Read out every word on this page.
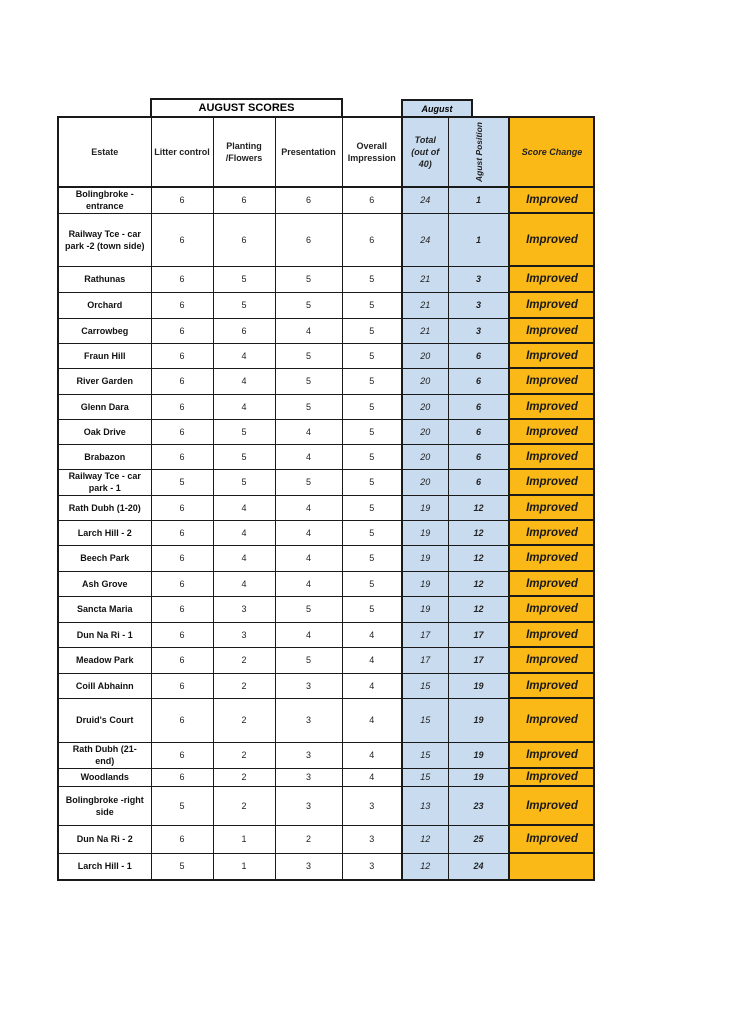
AUGUST SCORES	August
Estate	Litter control	Planting /Flowers	Presentation	Overall Impression	Total (out of 40)	Agust Position	Score Change
Bolingbroke -entrance	6	6	6	6	24	1	Improved
Railway Tce - car park -2 (town side)	6	6	6	6	24	1	Improved
Rathunas	6	5	5	5	21	3	Improved
Orchard	6	5	5	5	21	3	Improved
Carrowbeg	6	6	4	5	21	3	Improved
Fraun Hill	6	4	5	5	20	6	Improved
River Garden	6	4	5	5	20	6	Improved
Glenn Dara	6	4	5	5	20	6	Improved
Oak Drive	6	5	4	5	20	6	Improved
Brabazon	6	5	4	5	20	6	Improved
Railway Tce - car park - 1	5	5	5	5	20	6	Improved
Rath Dubh (1-20)	6	4	4	5	19	12	Improved
Larch Hill - 2	6	4	4	5	19	12	Improved
Beech Park	6	4	4	5	19	12	Improved
Ash Grove	6	4	4	5	19	12	Improved
Sancta Maria	6	3	5	5	19	12	Improved
Dun Na Ri - 1	6	3	4	4	17	17	Improved
Meadow Park	6	2	5	4	17	17	Improved
Coill Abhainn	6	2	3	4	15	19	Improved
Druid's Court	6	2	3	4	15	19	Improved
Rath Dubh (21- end)	6	2	3	4	15	19	Improved
Woodlands	6	2	3	4	15	19	Improved
Bolingbroke -right side	5	2	3	3	13	23	Improved
Dun Na Ri - 2	6	1	2	3	12	25	Improved
Larch Hill - 1	5	1	3	3	12	24	
